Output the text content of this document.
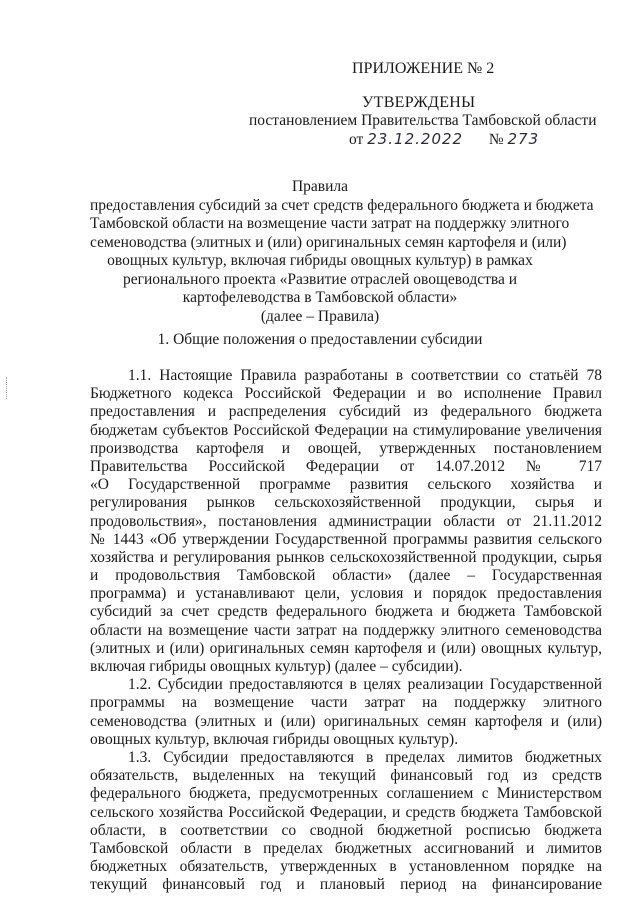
ПРИЛОЖЕНИЕ № 2
УТВЕРЖДЕНЫ
постановлением Правительства Тамбовской области
от 23.12.2022 № 273
Правила
предоставления субсидий за счет средств федерального бюджета и бюджета
Тамбовской области на возмещение части затрат на поддержку элитного
семеноводства (элитных и (или) оригинальных семян картофеля и (или)
овощных культур, включая гибриды овощных культур) в рамках
регионального проекта «Развитие отраслей овощеводства и
картофелеводства в Тамбовской области»
(далее – Правила)
1. Общие положения о предоставлении субсидии
1.1. Настоящие Правила разработаны в соответствии со статьёй 78
Бюджетного кодекса Российской Федерации и во исполнение Правил
предоставления и распределения субсидий из федерального бюджета
бюджетам субъектов Российской Федерации на стимулирование увеличения
производства картофеля и овощей, утвержденных постановлением
Правительства Российской Федерации от 14.07.2012 № 717
«О Государственной программе развития сельского хозяйства и
регулирования рынков сельскохозяйственной продукции, сырья и
продовольствия», постановления администрации области от 21.11.2012
№ 1443 «Об утверждении Государственной программы развития сельского
хозяйства и регулирования рынков сельскохозяйственной продукции, сырья
и продовольствия Тамбовской области» (далее – Государственная
программа) и устанавливают цели, условия и порядок предоставления
субсидий за счет средств федерального бюджета и бюджета Тамбовской
области на возмещение части затрат на поддержку элитного семеноводства
(элитных и (или) оригинальных семян картофеля и (или) овощных культур,
включая гибриды овощных культур) (далее – субсидии).
1.2. Субсидии предоставляются в целях реализации Государственной
программы на возмещение части затрат на поддержку элитного
семеноводства (элитных и (или) оригинальных семян картофеля и (или)
овощных культур, включая гибриды овощных культур).
1.3. Субсидии предоставляются в пределах лимитов бюджетных
обязательств, выделенных на текущий финансовый год из средств
федерального бюджета, предусмотренных соглашением с Министерством
сельского хозяйства Российской Федерации, и средств бюджета Тамбовской
области, в соответствии со сводной бюджетной росписью бюджета
Тамбовской области в пределах бюджетных ассигнований и лимитов
бюджетных обязательств, утвержденных в установленном порядке на
текущий финансовый год и плановый период на финансирование
